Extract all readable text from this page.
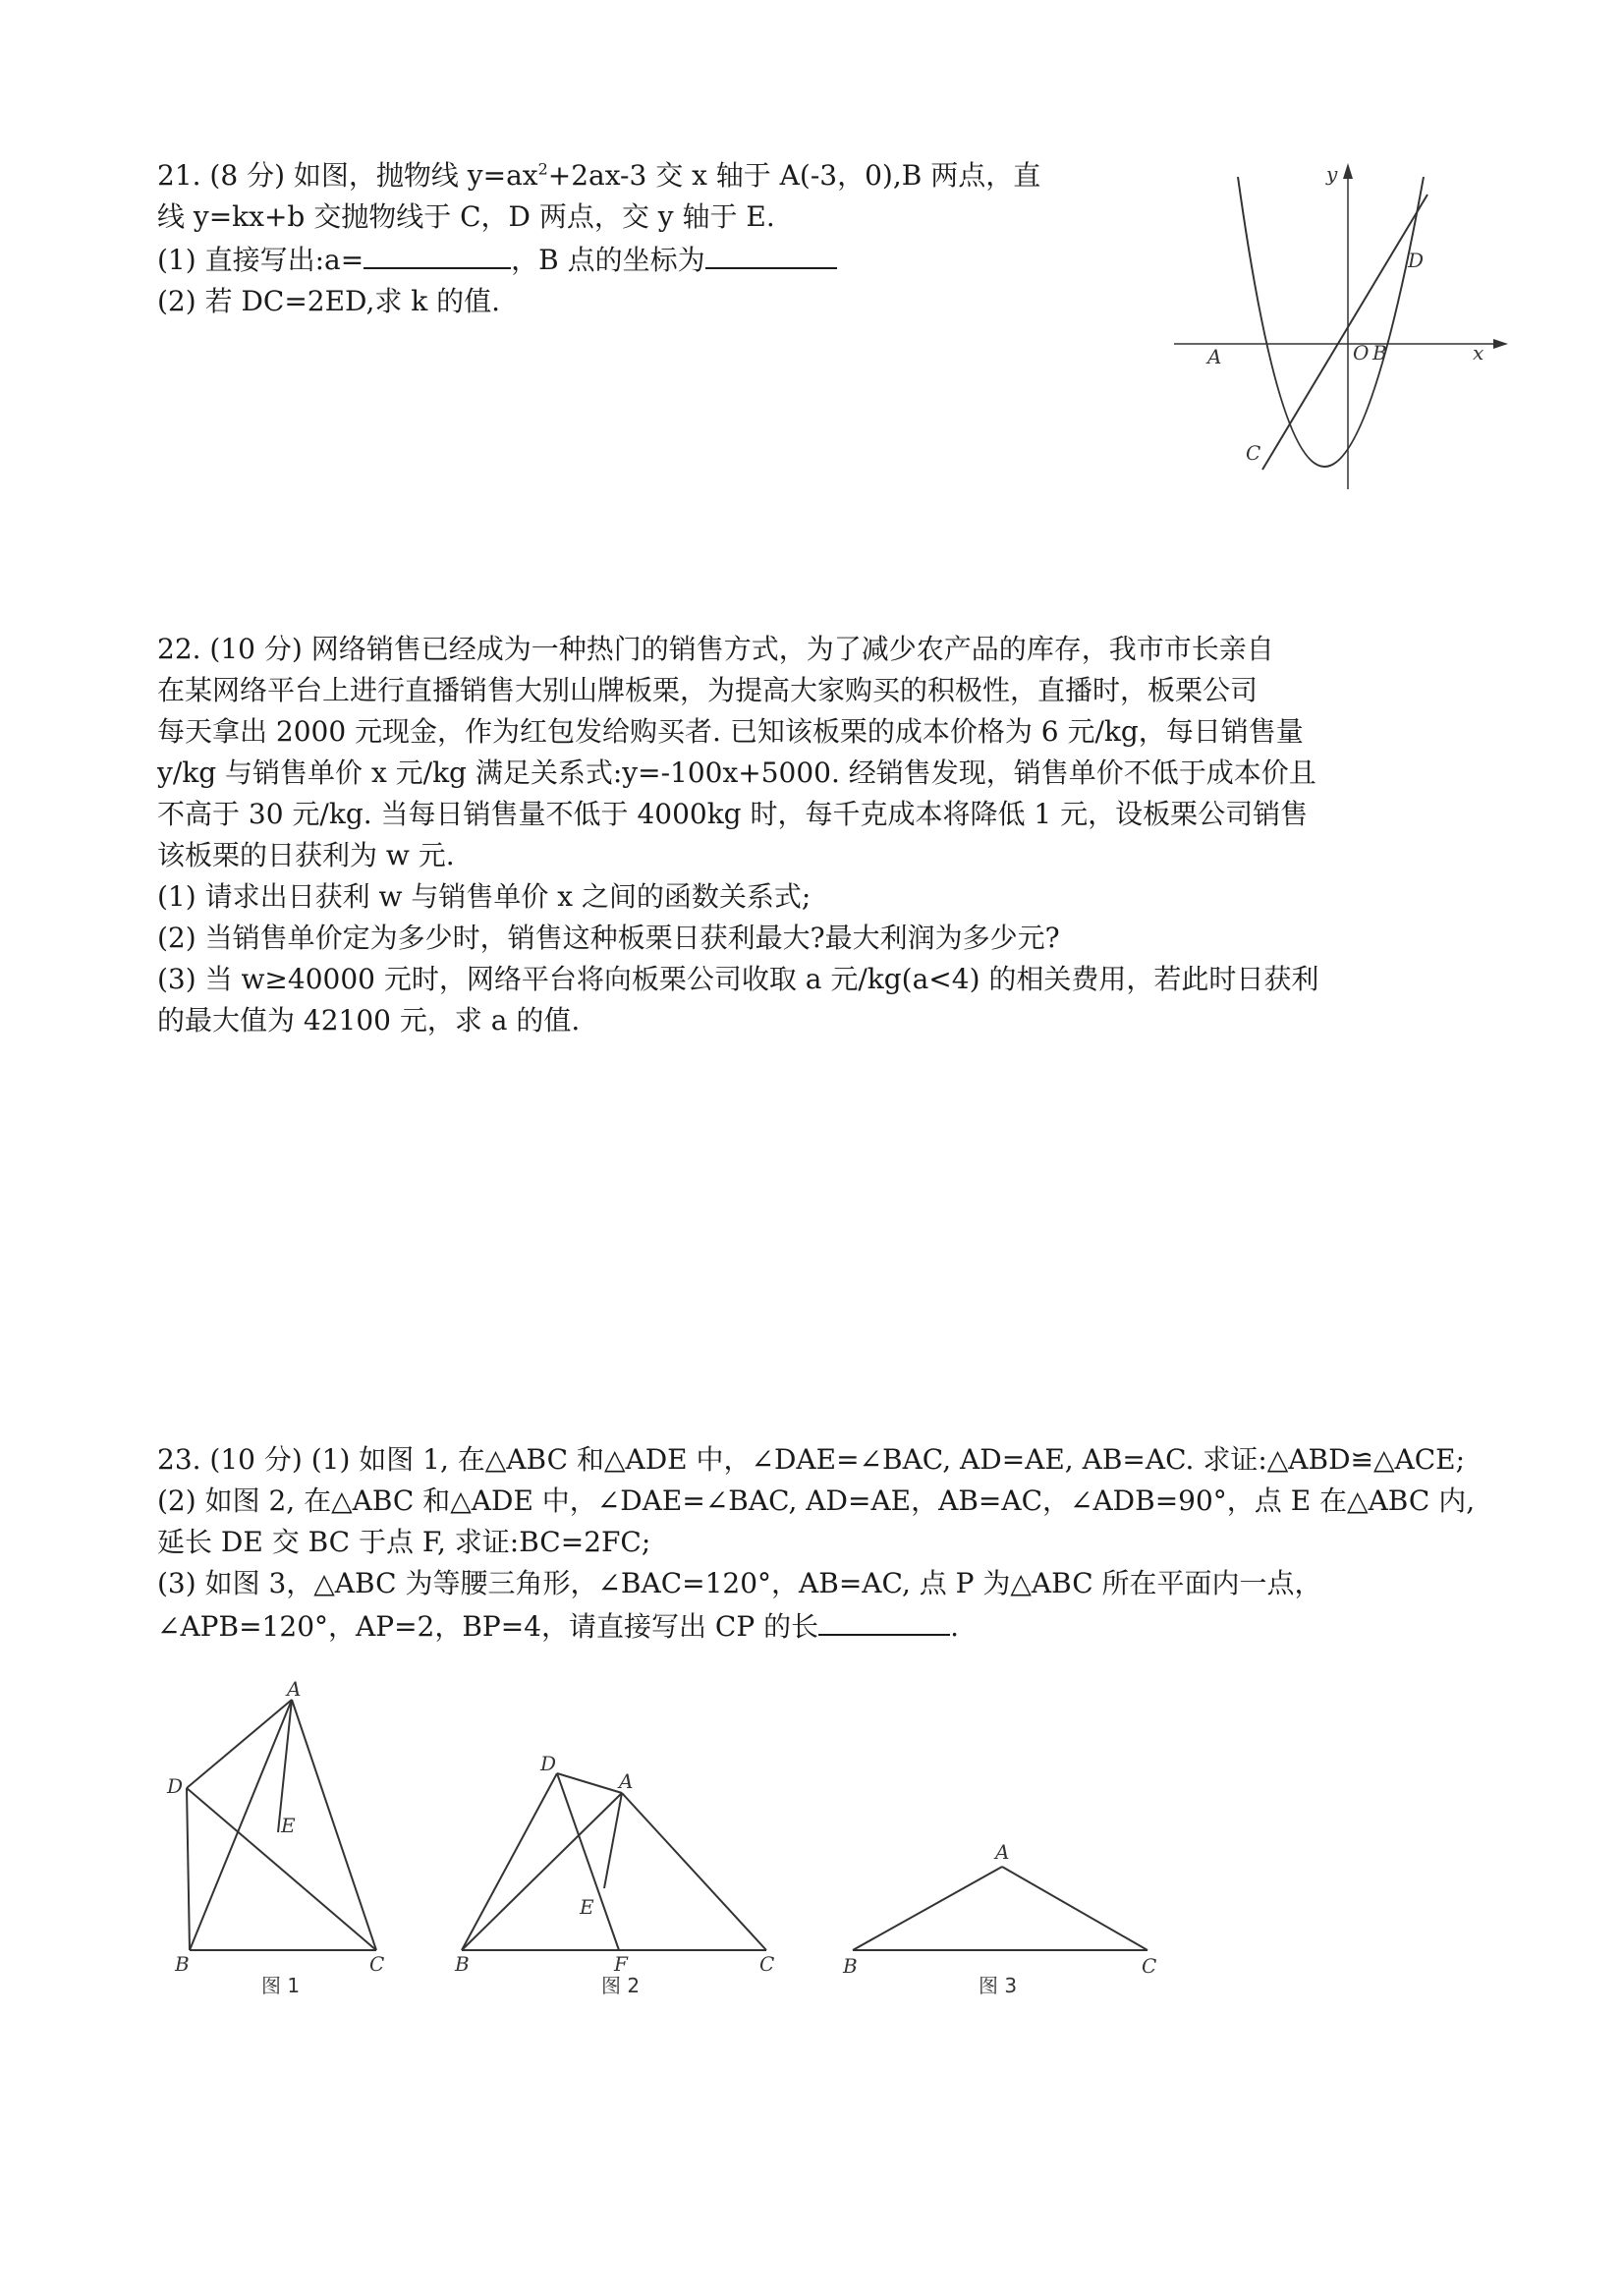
21. (8 分) 如图，抛物线 $y=ax^2+2ax-3$ 交 x 轴于 A(-3，0),B 两点，直
线 y=kx+b 交抛物线于 C，D 两点，交 y 轴于 E.
(1) 直接写出:a=	，B 点的坐标为
(2) 若 DC=2ED,求 k 的值.
y
x
A	O B
C
D
22. (10 分) 网络销售已经成为一种热门的销售方式，为了减少农产品的库存，我市市长亲自
在某网络平台上进行直播销售大别山牌板栗，为提高大家购买的积极性，直播时，板栗公司
每天拿出 2000 元现金，作为红包发给购买者. 已知该板栗的成本价格为 6 元/kg，每日销售量
y/kg 与销售单价 x 元/kg 满足关系式:y=-100x+5000. 经销售发现，销售单价不低于成本价且
不高于 30 元/kg. 当每日销售量不低于 4000kg 时，每千克成本将降低 1 元，设板栗公司销售
该板栗的日获利为 w 元.
(1) 请求出日获利 w 与销售单价 x 之间的函数关系式;
(2) 当销售单价定为多少时，销售这种板栗日获利最大?最大利润为多少元?
(3) 当 w≥40000 元时，网络平台将向板栗公司收取 a 元/kg(a<4) 的相关费用，若此时日获利
的最大值为 42100 元，求 a 的值.
23. (10 分) (1) 如图 1, 在△ABC 和△ADE 中，∠DAE=∠BAC, AD=AE, AB=AC. 求证:△ABD≌△ACE;
(2) 如图 2, 在△ABC 和△ADE 中，∠DAE=∠BAC, AD=AE，AB=AC，∠ADB=90°，点 E 在△ABC 内,
延长 DE 交 BC 于点 F, 求证:BC=2FC;
(3) 如图 3，△ABC 为等腰三角形，∠BAC=120°，AB=AC, 点 P 为△ABC 所在平面内一点，
∠APB=120°，AP=2，BP=4，请直接写出 CP 的长	.
A
D
E
B	C
图 1
D
A
E
B	F	C
图 2
A
B	C
图 3
